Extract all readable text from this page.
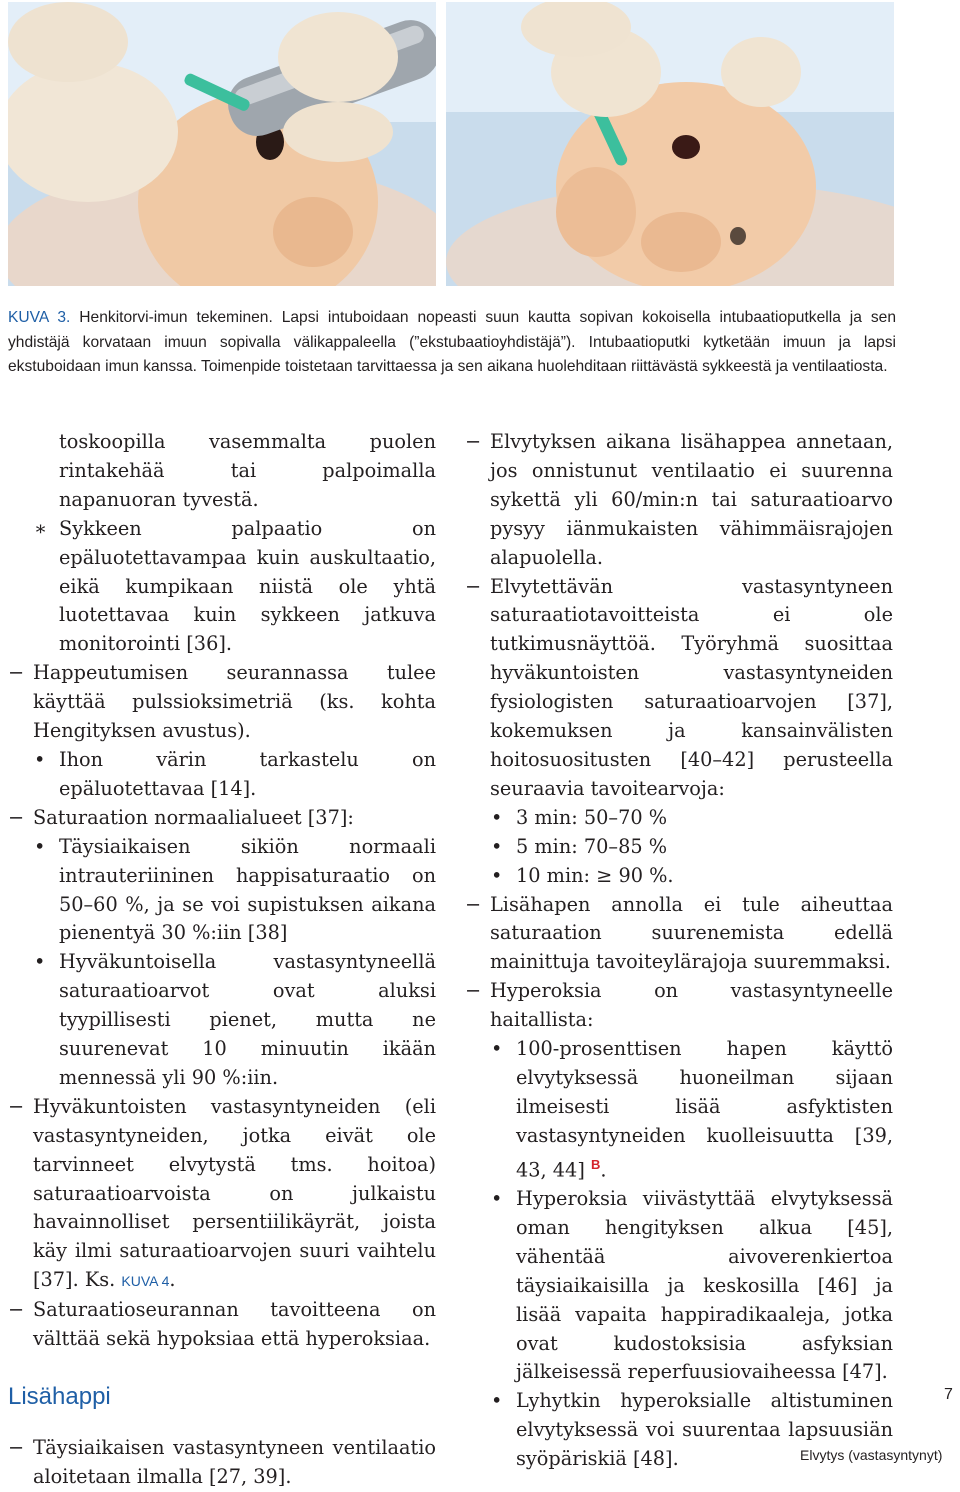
KUVA 3. Henkitorvi-imun tekeminen. Lapsi intuboidaan nopeasti suun kautta sopivan kokoisella intubaatioputkella ja sen yhdistäjä korvataan imuun sopivalla välikappaleella (”ekstubaatioyhdistäjä”). Intubaatioputki kytketään imuun ja lapsi ekstuboidaan imun kanssa. Toimenpide toistetaan tarvittaessa ja sen aikana huolehditaan riittävästä sykkeestä ja ventilaatiosta.
toskoopilla vasemmalta puolen rintakehää tai palpoimalla napanuoran tyvestä.
∗ Sykkeen palpaatio on epäluotettavampaa kuin auskultaatio, eikä kumpikaan niistä ole yhtä luotettavaa kuin sykkeen jatkuva monitorointi [36].
− Happeutumisen seurannassa tulee käyttää pulssioksimetriä (ks. kohta Hengityksen avustus).
• Ihon värin tarkastelu on epäluotettavaa [14].
− Saturaation normaalialueet [37]:
• Täysiaikaisen sikiön normaali intrauteriininen happisaturaatio on 50–60 %, ja se voi supistuksen aikana pienentyä 30 %:iin [38]
• Hyväkuntoisella vastasyntyneellä saturaatioarvot ovat aluksi tyypillisesti pienet, mutta ne suurenevat 10 minuutin ikään mennessä yli 90 %:iin.
− Hyväkuntoisten vastasyntyneiden (eli vastasyntyneiden, jotka eivät ole tarvinneet elvytystä tms. hoitoa) saturaatioarvoista on julkaistu havainnolliset persentiilikäyrät, joista käy ilmi saturaatioarvojen suuri vaihtelu [37]. Ks. KUVA 4.
− Saturaatioseurannan tavoitteena on välttää sekä hypoksiaa että hyperoksiaa.
Lisähappi
− Täysiaikaisen vastasyntyneen ventilaatio aloitetaan ilmalla [27, 39].
− Elvytyksen aikana lisähappea annetaan, jos onnistunut ventilaatio ei suurenna sykettä yli 60/min:n tai saturaatioarvo pysyy iänmukaisten vähimmäisrajojen alapuolella.
− Elvytettävän vastasyntyneen saturaatiotavoitteista ei ole tutkimusnäyttöä. Työryhmä suosittaa hyväkuntoisten vastasyntyneiden fysiologisten saturaatioarvojen [37], kokemuksen ja kansainvälisten hoitosuositusten [40–42] perusteella seuraavia tavoitearvoja:
• 3 min: 50–70 %
• 5 min: 70–85 %
• 10 min: ≥ 90 %.
− Lisähapen annolla ei tule aiheuttaa saturaation suurenemista edellä mainittuja tavoiteylärajoja suuremmaksi.
− Hyperoksia on vastasyntyneelle haitallista:
• 100-prosenttisen hapen käyttö elvytyksessä huoneilman sijaan ilmeisesti lisää asfyktisten vastasyntyneiden kuolleisuutta [39, 43, 44] $^B$.
• Hyperoksia viivästyttää elvytyksessä oman hengityksen alkua [45], vähentää aivoverenkiertoa täysiaikaisilla ja keskosilla [46] ja lisää vapaita happiradikaaleja, jotka ovat kudostoksisia asfyksian jälkeisessä reperfuusiovaiheessa [47].
• Lyhytkin hyperoksialle altistuminen elvytyksessä voi suurentaa lapsuusiän syöpäriskiä [48].
7
Elvytys (vastasyntynyt)
